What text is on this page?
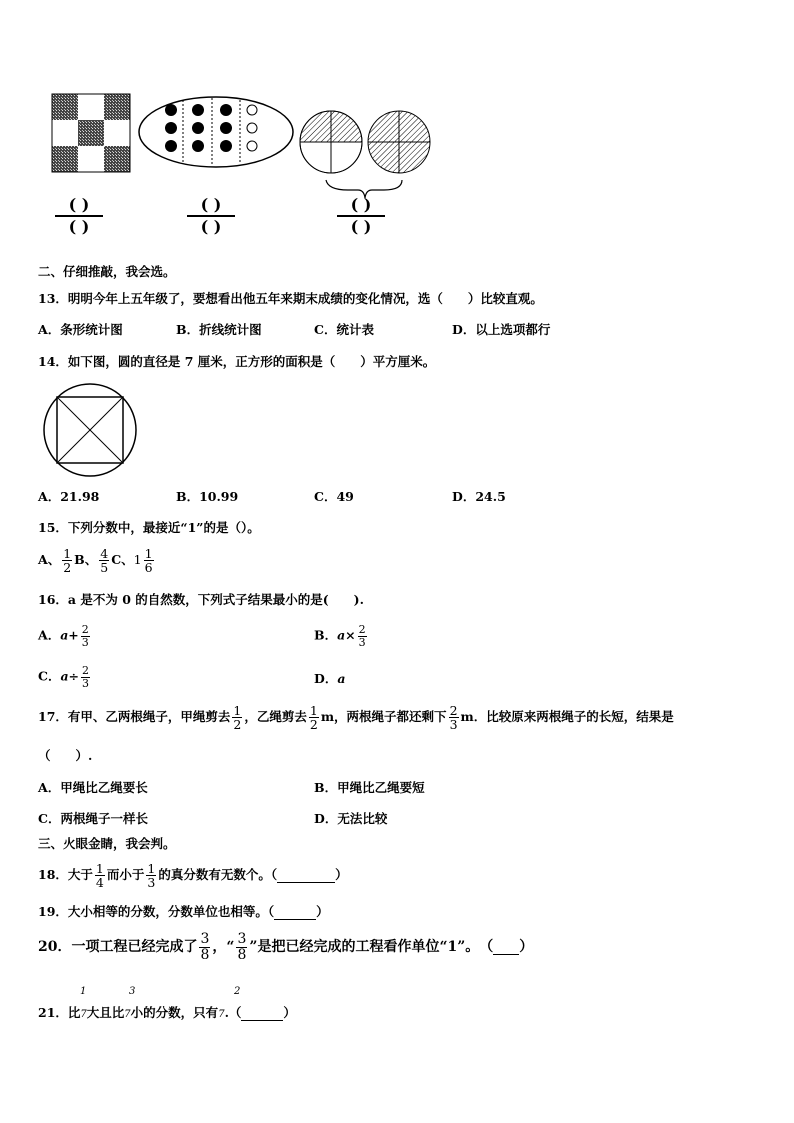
( )
( )
( )
( )
( )
( )
二、仔细推敲，我会选。
13．明明今年上五年级了，要想看出他五年来期末成绩的变化情况，选（　　）比较直观。
A．条形统计图	B．折线统计图	C．统计表	D．以上选项都行
14．如下图，圆的直径是 7 厘米，正方形的面积是（　　）平方厘米。
A．21.98	B．10.99	C．49	D．24.5
15．下列分数中，最接近“1”的是（）。
A、 $\frac{1}{2}$ B、 $\frac{4}{5}$ C、$1 \frac{1}{6}$
16．a 是不为 0 的自然数，下列式子结果最小的是(　　).
A．$a+ \frac{2}{3}$	B．$a\times \frac{2}{3}$
C．$a\div \frac{2}{3}$	D．a
17．有甲、乙两根绳子，甲绳剪去 $\frac{1}{2}$ ，乙绳剪去 $\frac{1}{2}$ m，两根绳子都还剩下 $\frac{2}{3}$ m．比较原来两根绳子的长短，结果是
（　　）.
A．甲绳比乙绳要长	B．甲绳比乙绳要短
C．两根绳子一样长	D．无法比较
三、火眼金睛，我会判。
18．大于 $\frac{1}{4}$ 而小于 $\frac{1}{3}$ 的真分数有无数个。（	）
19．大小相等的分数，分数单位也相等。（	）
20．一项工程已经完成了 $\frac{3}{8}$ ，“ $\frac{3}{8}$ ”是把已经完成的工程看作单位“1”。　（ ）
1	3	2
21．比7大且比7小的分数，只有7.（	）
